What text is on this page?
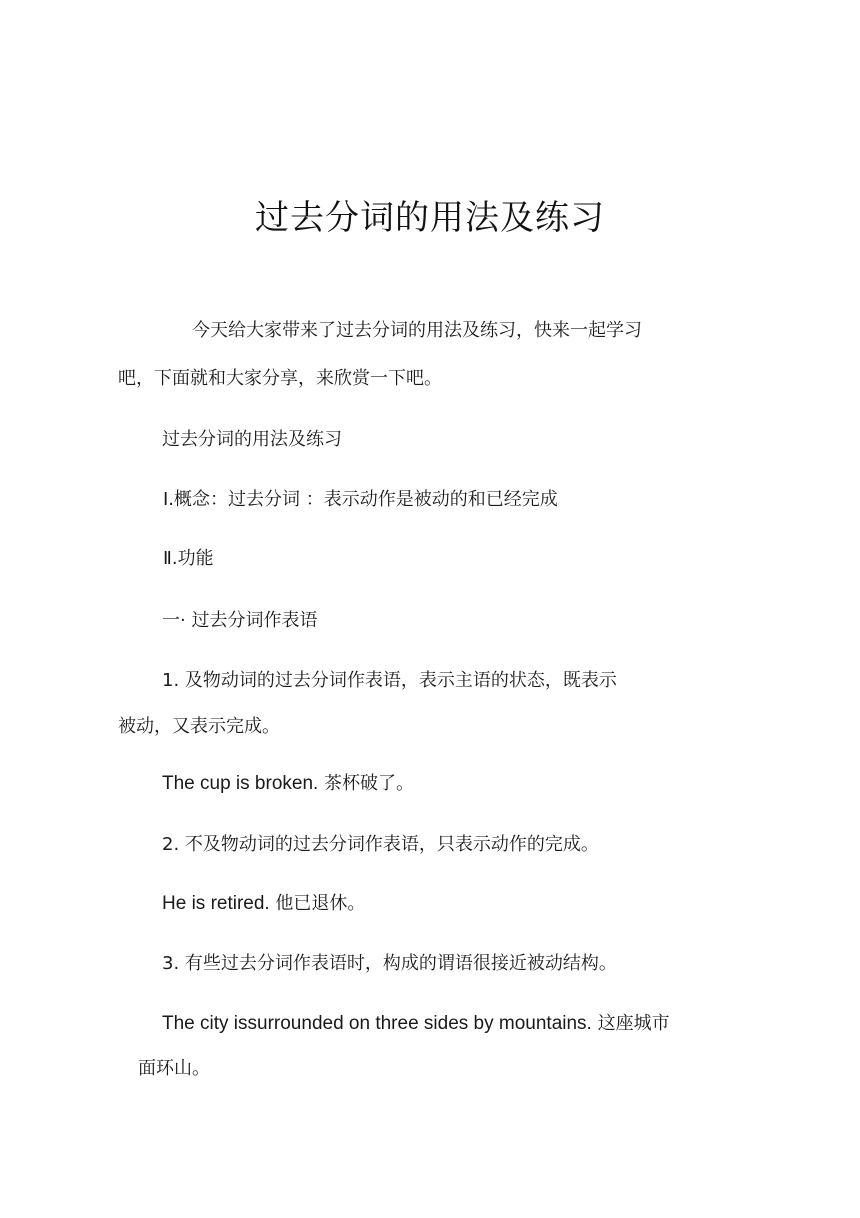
过去分词的用法及练习
今天给大家带来了过去分词的用法及练习，快来一起学习
吧，下面就和大家分享，来欣赏一下吧。
过去分词的用法及练习
Ⅰ.概念：过去分词 ：表示动作是被动的和已经完成
Ⅱ.功能
一· 过去分词作表语
1. 及物动词的过去分词作表语，表示主语的状态，既表示
被动，又表示完成。
The cup is broken. 茶杯破了。
2. 不及物动词的过去分词作表语，只表示动作的完成。
He is retired. 他已退休。
3. 有些过去分词作表语时，构成的谓语很接近被动结构。
The city issurrounded on three sides by mountains. 这座城市
面环山。
